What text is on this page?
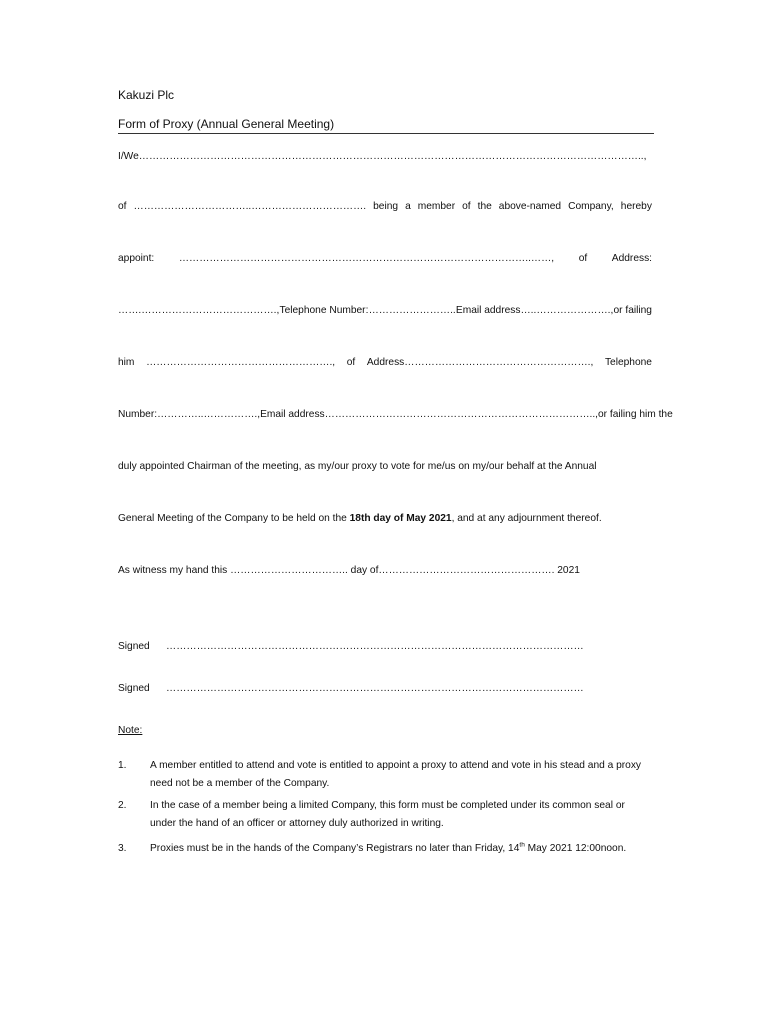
Kakuzi Plc

Form of Proxy (Annual General Meeting)

I/We…………………………………………………………………………………………………………………………………..,

of ……………………………..……………………………. being a member of the above-named Company, hereby
appoint: …………………………………………………………………………………………..……, of Address:
…….…………………………………., Telephone Number: …………………….. Email address…..…………………., or failing
him ………………………………………………., of Address………………………………………………., Telephone
Number:…………..……………., Email address…………………………………………………………………….., or failing him the

duly appointed Chairman of the meeting, as my/our proxy to vote for me/us on my/our behalf at the Annual

General Meeting of the Company to be held on the 18th day of May 2021, and at any adjournment thereof.

As witness my hand this …………………………….. day of……………………………………………. 2021

Signed ……………………………………………………………………………………………………………
Signed ……………………………………………………………………………………………………………

Note:

1. A member entitled to attend and vote is entitled to appoint a proxy to attend and vote in his stead and a proxy need not be a member of the Company.
2. In the case of a member being a limited Company, this form must be completed under its common seal or under the hand of an officer or attorney duly authorized in writing.
3. Proxies must be in the hands of the Company’s Registrars no later than Friday, 14th May 2021 12:00noon.
